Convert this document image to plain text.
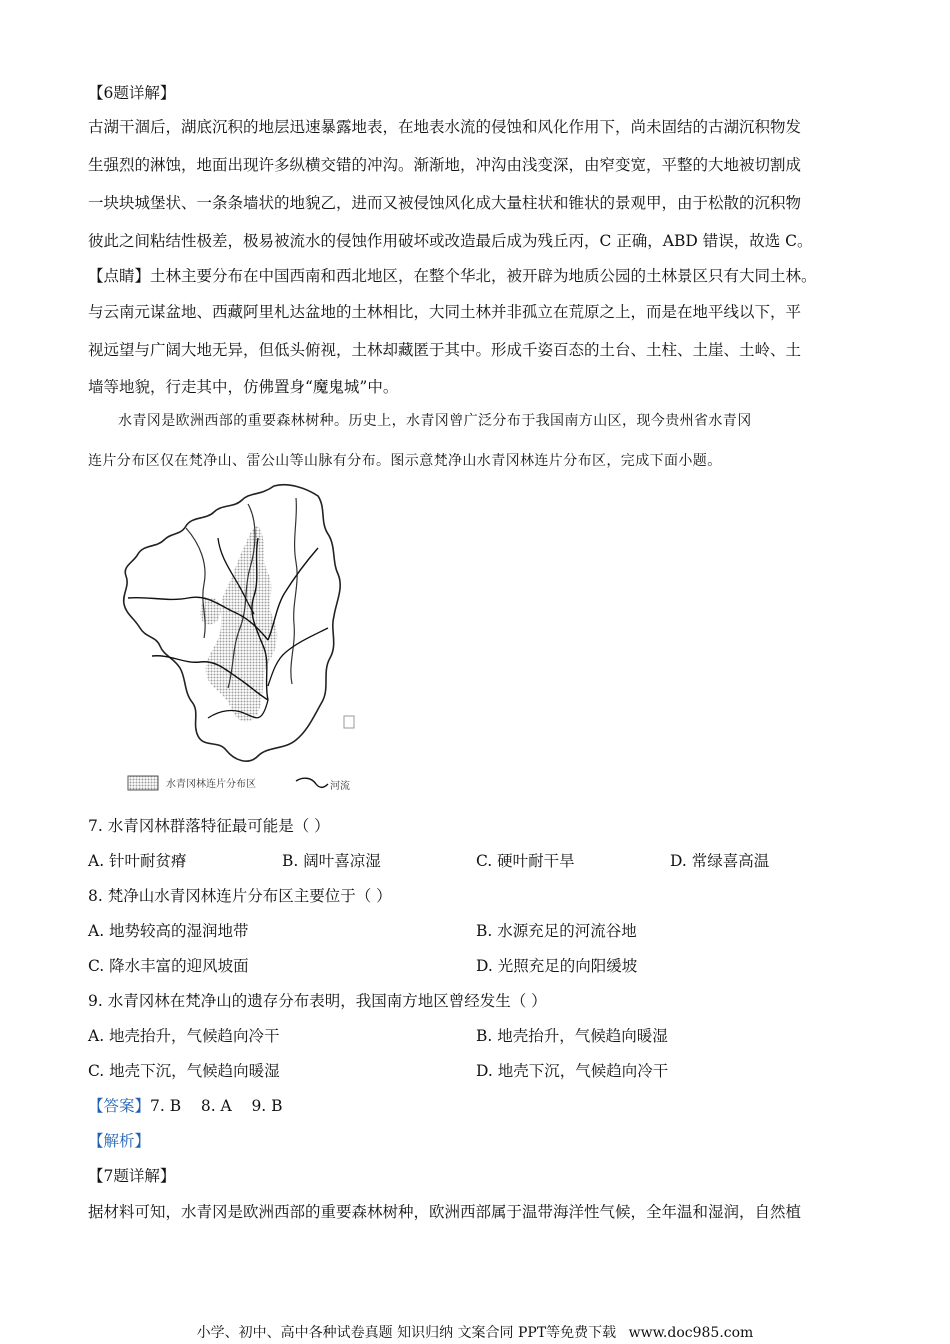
【6题详解】
古湖干涸后，湖底沉积的地层迅速暴露地表，在地表水流的侵蚀和风化作用下，尚未固结的古湖沉积物发
生强烈的淋蚀，地面出现许多纵横交错的冲沟。渐渐地，冲沟由浅变深，由窄变宽，平整的大地被切割成
一块块城堡状、一条条墙状的地貌乙，进而又被侵蚀风化成大量柱状和锥状的景观甲，由于松散的沉积物
彼此之间粘结性极差，极易被流水的侵蚀作用破坏或改造最后成为残丘丙，C 正确，ABD 错误，故选 C。
【点睛】土林主要分布在中国西南和西北地区，在整个华北，被开辟为地质公园的土林景区只有大同土林。
与云南元谋盆地、西藏阿里札达盆地的土林相比，大同土林并非孤立在荒原之上，而是在地平线以下，平
视远望与广阔大地无异，但低头俯视，土林却藏匿于其中。形成千姿百态的土台、土柱、土崖、土岭、土
墙等地貌，行走其中，仿佛置身“魔鬼城”中。
水青冈是欧洲西部的重要森林树种。历史上，水青冈曾广泛分布于我国南方山区，现今贵州省水青冈
连片分布区仅在梵净山、雷公山等山脉有分布。图示意梵净山水青冈林连片分布区，完成下面小题。
水青冈林连片分布区	河流
7. 水青冈林群落特征最可能是（ ）
A. 针叶耐贫瘠	B. 阔叶喜凉湿	C. 硬叶耐干旱	D. 常绿喜高温
8. 梵净山水青冈林连片分布区主要位于（ ）
A. 地势较高的湿润地带	B. 水源充足的河流谷地
C. 降水丰富的迎风坡面	D. 光照充足的向阳缓坡
9. 水青冈林在梵净山的遗存分布表明，我国南方地区曾经发生（ ）
A. 地壳抬升，气候趋向冷干	B. 地壳抬升，气候趋向暖湿
C. 地壳下沉，气候趋向暖湿	D. 地壳下沉，气候趋向冷干
【答案】7. B    8. A    9. B
【解析】
【7题详解】
据材料可知，水青冈是欧洲西部的重要森林树种，欧洲西部属于温带海洋性气候，全年温和湿润，自然植
小学、初中、高中各种试卷真题 知识归纳 文案合同 PPT等免费下载 www.doc985.com
